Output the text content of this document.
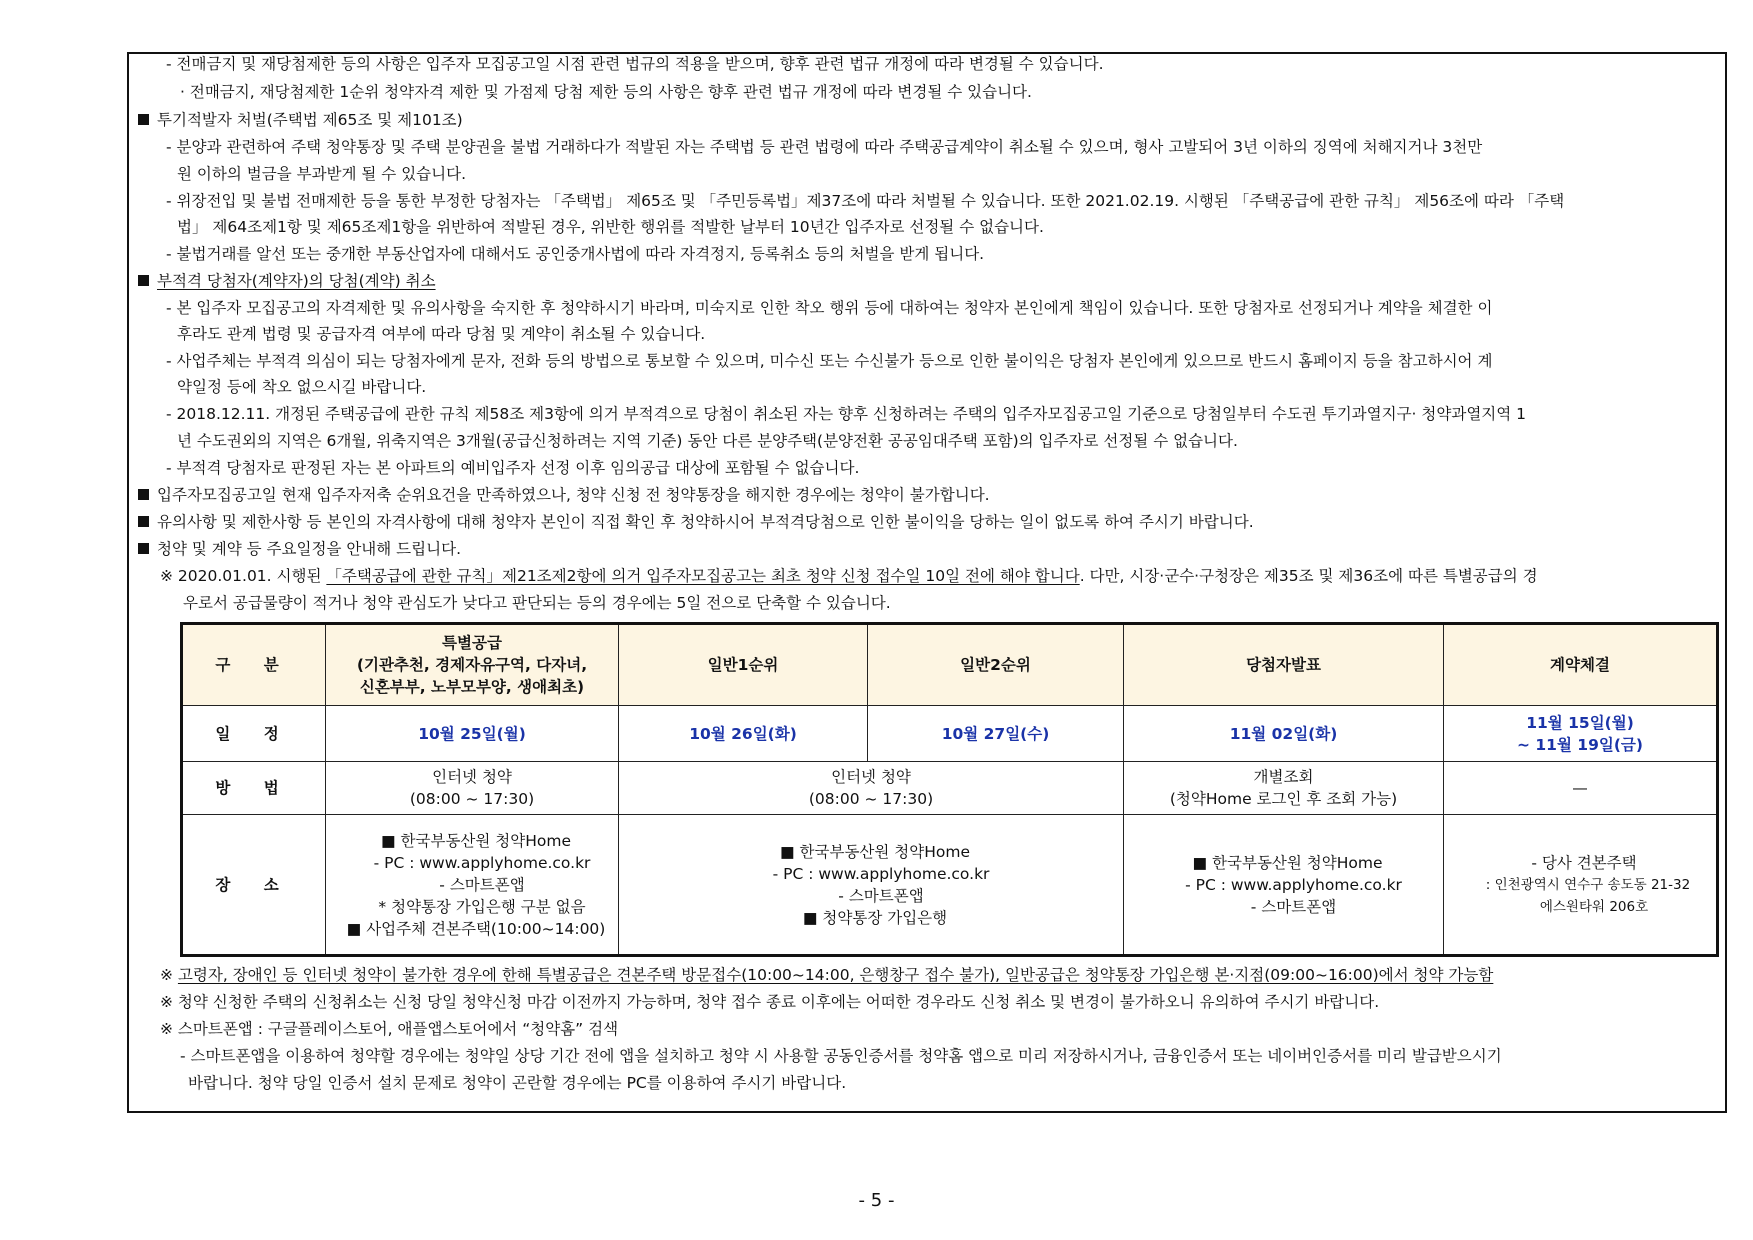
- 전매금지 및 재당첨제한 등의 사항은 입주자 모집공고일 시점 관련 법규의 적용을 받으며, 향후 관련 법규 개정에 따라 변경될 수 있습니다.
· 전매금지, 재당첨제한 1순위 청약자격 제한 및 가점제 당첨 제한 등의 사항은 향후 관련 법규 개정에 따라 변경될 수 있습니다.
투기적발자 처벌(주택법 제65조 및 제101조)
- 분양과 관련하여 주택 청약통장 및 주택 분양권을 불법 거래하다가 적발된 자는 주택법 등 관련 법령에 따라 주택공급계약이 취소될 수 있으며, 형사 고발되어 3년 이하의 징역에 처해지거나 3천만
원 이하의 벌금을 부과받게 될 수 있습니다.
- 위장전입 및 불법 전매제한 등을 통한 부정한 당첨자는 「주택법」 제65조 및 「주민등록법」제37조에 따라 처벌될 수 있습니다. 또한 2021.02.19. 시행된 「주택공급에 관한 규칙」 제56조에 따라 「주택
법」 제64조제1항 및 제65조제1항을 위반하여 적발된 경우, 위반한 행위를 적발한 날부터 10년간 입주자로 선정될 수 없습니다.
- 불법거래를 알선 또는 중개한 부동산업자에 대해서도 공인중개사법에 따라 자격정지, 등록취소 등의 처벌을 받게 됩니다.
부적격 당첨자(계약자)의 당첨(계약) 취소
- 본 입주자 모집공고의 자격제한 및 유의사항을 숙지한 후 청약하시기 바라며, 미숙지로 인한 착오 행위 등에 대하여는 청약자 본인에게 책임이 있습니다. 또한 당첨자로 선정되거나 계약을 체결한 이
후라도 관계 법령 및 공급자격 여부에 따라 당첨 및 계약이 취소될 수 있습니다.
- 사업주체는 부적격 의심이 되는 당첨자에게 문자, 전화 등의 방법으로 통보할 수 있으며, 미수신 또는 수신불가 등으로 인한 불이익은 당첨자 본인에게 있으므로 반드시 홈페이지 등을 참고하시어 계
약일정 등에 착오 없으시길 바랍니다.
- 2018.12.11. 개정된 주택공급에 관한 규칙 제58조 제3항에 의거 부적격으로 당첨이 취소된 자는 향후 신청하려는 주택의 입주자모집공고일 기준으로 당첨일부터 수도권 투기과열지구· 청약과열지역 1
년 수도권외의 지역은 6개월, 위축지역은 3개월(공급신청하려는 지역 기준) 동안 다른 분양주택(분양전환 공공임대주택 포함)의 입주자로 선정될 수 없습니다.
- 부적격 당첨자로 판정된 자는 본 아파트의 예비입주자 선정 이후 임의공급 대상에 포함될 수 없습니다.
입주자모집공고일 현재 입주자저축 순위요건을 만족하였으나, 청약 신청 전 청약통장을 해지한 경우에는 청약이 불가합니다.
유의사항 및 제한사항 등 본인의 자격사항에 대해 청약자 본인이 직접 확인 후 청약하시어 부적격당첨으로 인한 불이익을 당하는 일이 없도록 하여 주시기 바랍니다.
청약 및 계약 등 주요일정을 안내해 드립니다.
※ 2020.01.01. 시행된 「주택공급에 관한 규칙」제21조제2항에 의거 입주자모집공고는 최초 청약 신청 접수일 10일 전에 해야 합니다. 다만, 시장·군수·구청장은 제35조 및 제36조에 따른 특별공급의 경
우로서 공급물량이 적거나 청약 관심도가 낮다고 판단되는 등의 경우에는 5일 전으로 단축할 수 있습니다.
구 분	특별공급
(기관추천, 경제자유구역, 다자녀,
신혼부부, 노부모부양, 생애최초)	일반1순위	일반2순위	당첨자발표	계약체결
일 정	10월 25일(월)	10월 26일(화)	10월 27일(수)	11월 02일(화)	11월 15일(월)
~ 11월 19일(금)

방 법	인터넷 청약
(08:00 ~ 17:30)	인터넷 청약
(08:00 ~ 17:30)		개별조회
(청약Home 로그인 후 조회 가능)	—
장 소	■ 한국부동산원 청약Home
- PC : www.applyhome.co.kr
- 스마트폰앱
* 청약통장 가입은행 구분 없음
■ 사업주체 견본주택(10:00~14:00)	■ 한국부동산원 청약Home
- PC : www.applyhome.co.kr
- 스마트폰앱
■ 청약통장 가입은행		■ 한국부동산원 청약Home
- PC : www.applyhome.co.kr
- 스마트폰앱	- 당사 견본주택
: 인천광역시 연수구 송도동 21-32
에스원타워 206호
※ 고령자, 장애인 등 인터넷 청약이 불가한 경우에 한해 특별공급은 견본주택 방문접수(10:00~14:00, 은행창구 접수 불가), 일반공급은 청약통장 가입은행 본·지점(09:00~16:00)에서 청약 가능함
※ 청약 신청한 주택의 신청취소는 신청 당일 청약신청 마감 이전까지 가능하며, 청약 접수 종료 이후에는 어떠한 경우라도 신청 취소 및 변경이 불가하오니 유의하여 주시기 바랍니다.
※ 스마트폰앱 : 구글플레이스토어, 애플앱스토어에서 “청약홈” 검색
- 스마트폰앱을 이용하여 청약할 경우에는 청약일 상당 기간 전에 앱을 설치하고 청약 시 사용할 공동인증서를 청약홈 앱으로 미리 저장하시거나, 금융인증서 또는 네이버인증서를 미리 발급받으시기
바랍니다. 청약 당일 인증서 설치 문제로 청약이 곤란할 경우에는 PC를 이용하여 주시기 바랍니다.
- 5 -
